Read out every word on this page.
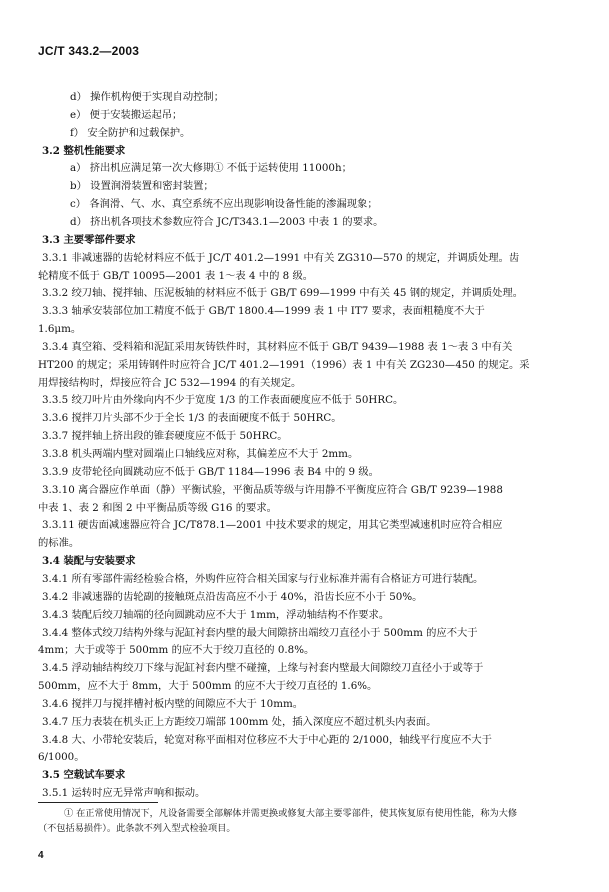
JC/T 343.2—2003
d） 操作机构便于实现自动控制；
e） 便于安装搬运起吊；
f） 安全防护和过载保护。
3.2 整机性能要求
a） 挤出机应满足第一次大修期① 不低于运转使用 11000h；
b） 设置润滑装置和密封装置；
c） 各润滑、气、水、真空系统不应出现影响设备性能的渗漏现象；
d） 挤出机各项技术参数应符合 JC/T343.1—2003 中表 1 的要求。
3.3 主要零部件要求
3.3.1 非减速器的齿轮材料应不低于 JC/T 401.2—1991 中有关 ZG310—570 的规定，并调质处理。齿
轮精度不低于 GB/T 10095—2001 表 1～表 4 中的 8 级。
3.3.2 绞刀轴、搅拌轴、压泥板轴的材料应不低于 GB/T 699—1999 中有关 45 钢的规定，并调质处理。
3.3.3 轴承安装部位加工精度不低于 GB/T 1800.4—1999 表 1 中 IT7 要求，表面粗糙度不大于
1.6μm。
3.3.4 真空箱、受料箱和泥缸采用灰铸铁件时，其材料应不低于 GB/T 9439—1988 表 1～表 3 中有关
HT200 的规定；采用铸钢件时应符合 JC/T 401.2—1991（1996）表 1 中有关 ZG230—450 的规定。采
用焊接结构时，焊接应符合 JC 532—1994 的有关规定。
3.3.5 绞刀叶片由外缘向内不少于宽度 1/3 的工作表面硬度应不低于 50HRC。
3.3.6 搅拌刀片头部不少于全长 1/3 的表面硬度不低于 50HRC。
3.3.7 搅拌轴上挤出段的锥套硬度应不低于 50HRC。
3.3.8 机头两端内壁对圆端止口轴线应对称，其偏差应不大于 2mm。
3.3.9 皮带轮径向圆跳动应不低于 GB/T 1184—1996 表 B4 中的 9 级。
3.3.10 离合器应作单面（静）平衡试验，平衡品质等级与许用静不平衡度应符合 GB/T 9239—1988
中表 1、表 2 和图 2 中平衡品质等级 G16 的要求。
3.3.11 硬齿面减速器应符合 JC/T878.1—2001 中技术要求的规定，用其它类型减速机时应符合相应
的标准。
3.4 装配与安装要求
3.4.1 所有零部件需经检验合格，外购件应符合相关国家与行业标准并需有合格证方可进行装配。
3.4.2 非减速器的齿轮副的接触斑点沿齿高应不小于 40%，沿齿长应不小于 50%。
3.4.3 装配后绞刀轴端的径向圆跳动应不大于 1mm，浮动轴结构不作要求。
3.4.4 整体式绞刀结构外缘与泥缸衬套内壁的最大间隙挤出端绞刀直径小于 500mm 的应不大于
4mm；大于或等于 500mm 的应不大于绞刀直径的 0.8%。
3.4.5 浮动轴结构绞刀下缘与泥缸衬套内壁不碰撞，上缘与衬套内壁最大间隙绞刀直径小于或等于
500mm，应不大于 8mm，大于 500mm 的应不大于绞刀直径的 1.6%。
3.4.6 搅拌刀与搅拌槽衬板内壁的间隙应不大于 10mm。
3.4.7 压力表装在机头正上方距绞刀端部 100mm 处，插入深度应不超过机头内表面。
3.4.8 大、小带轮安装后，轮宽对称平面相对位移应不大于中心距的 2/1000，轴线平行度应不大于
6/1000。
3.5 空载试车要求
3.5.1 运转时应无异常声响和振动。
① 在正常使用情况下，凡设备需要全部解体并需更换或修复大部主要零部件，使其恢复原有使用性能，称为大修
（不包括易损件）。此条款不列入型式检验项目。
4
